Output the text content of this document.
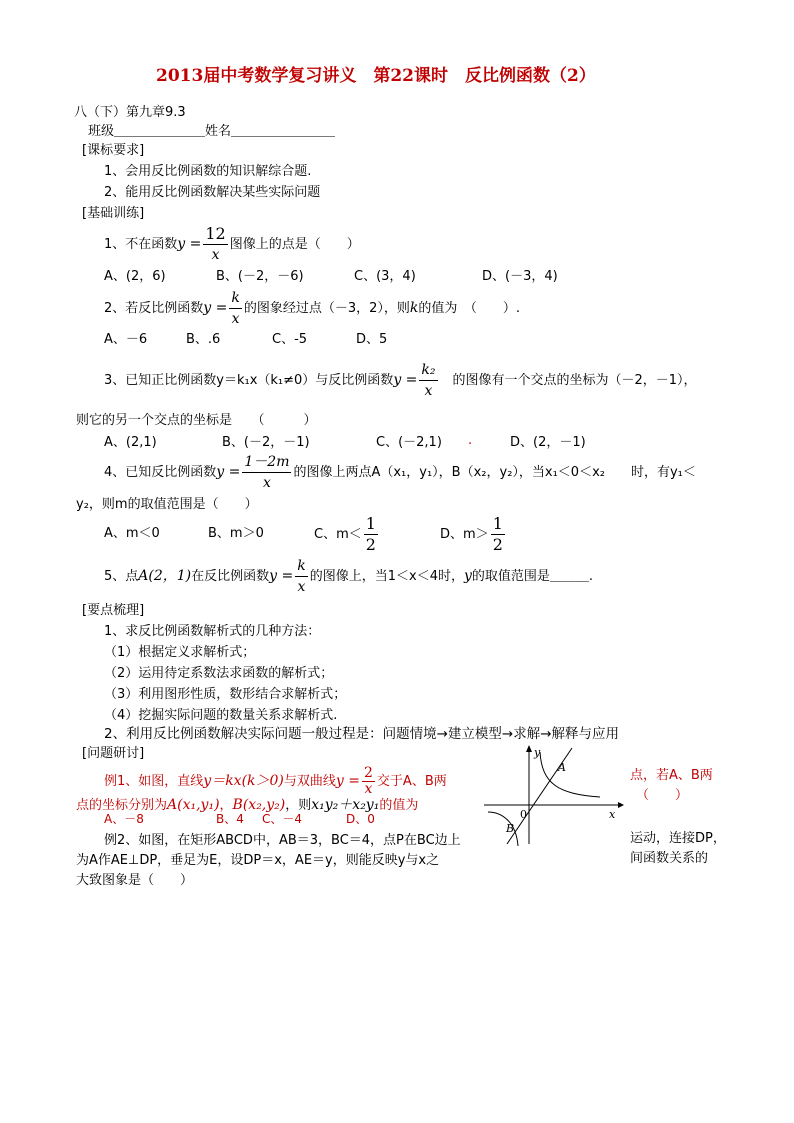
2013届中考数学复习讲义　第22课时　反比例函数（2）
八（下）第九章9.3
班级＿＿＿＿＿＿＿姓名＿＿＿＿＿＿＿＿
[课标要求]
1、会用反比例函数的知识解综合题.
2、能用反比例函数解决某些实际问题
[基础训练]
1、不在函数$y = \frac{12}{x}$ 图像上的点是（　　）
A、(2，6)	B、(－2，－6)	C、(3，4)	D、(－3，4)
2、若反比例函数$y = \frac{k}{x}$ 的图象经过点（－3，2），则k的值为　（　　）.
A、－6	B、.6	C、-5	D、5
3、已知正比例函数y＝k₁x（k₁≠0）与反比例函数$y = \frac{\text{k₂}}{x}$ 　的图像有一个交点的坐标为（－2，－1），
则它的另一个交点的坐标是　　（　　　）
A、(2,1)	B、(－2，－1)	C、(－2,1) .	D、(2，－1)
4、已知反比例函数$y = \frac{1-2m}{x}$ 的图像上两点A（x₁，y₁），B（x₂，y₂），当x₁＜0＜x₂　　时，有y₁＜
y₂，则m的取值范围是（　　）
A、m＜0	B、m＞0	C、$m< \frac{1}{2}$	D、$m> \frac{1}{2}$
5、点A(2，1)在反比例函数$y = \frac{k}{x}$ 的图像上，当1＜x＜4时，y的取值范围是＿＿＿.
[要点梳理]
1、求反比例函数解析式的几种方法：
（1）根据定义求解析式；
（2）运用待定系数法求函数的解析式；
（3）利用图形性质，数形结合求解析式；
（4）挖掘实际问题的数量关系求解析式.
2、利用反比例函数解决实际问题一般过程是：问题情境→建立模型→求解→解释与应用
[问题研讨]
例1、如图，直线y＝kx(k＞0)与双曲线$y = \frac{2}{x}$ 交于A、B两
点的坐标分别为A(x₁,y₁)，B(x₂,y₂)，则x₁y₂＋x₂y₁的值为
A、－8	B、4 C、－4	D、0
点，若A、B两
（　　）
例2、如图，在矩形ABCD中，AB＝3，BC＝4，点P在BC边上
为A作AE⊥DP，垂足为E，设DP＝x，AE＝y，则能反映y与x之
大致图象是（　　）
运动，连接DP，
间函数关系的
y
x
0
A
B
